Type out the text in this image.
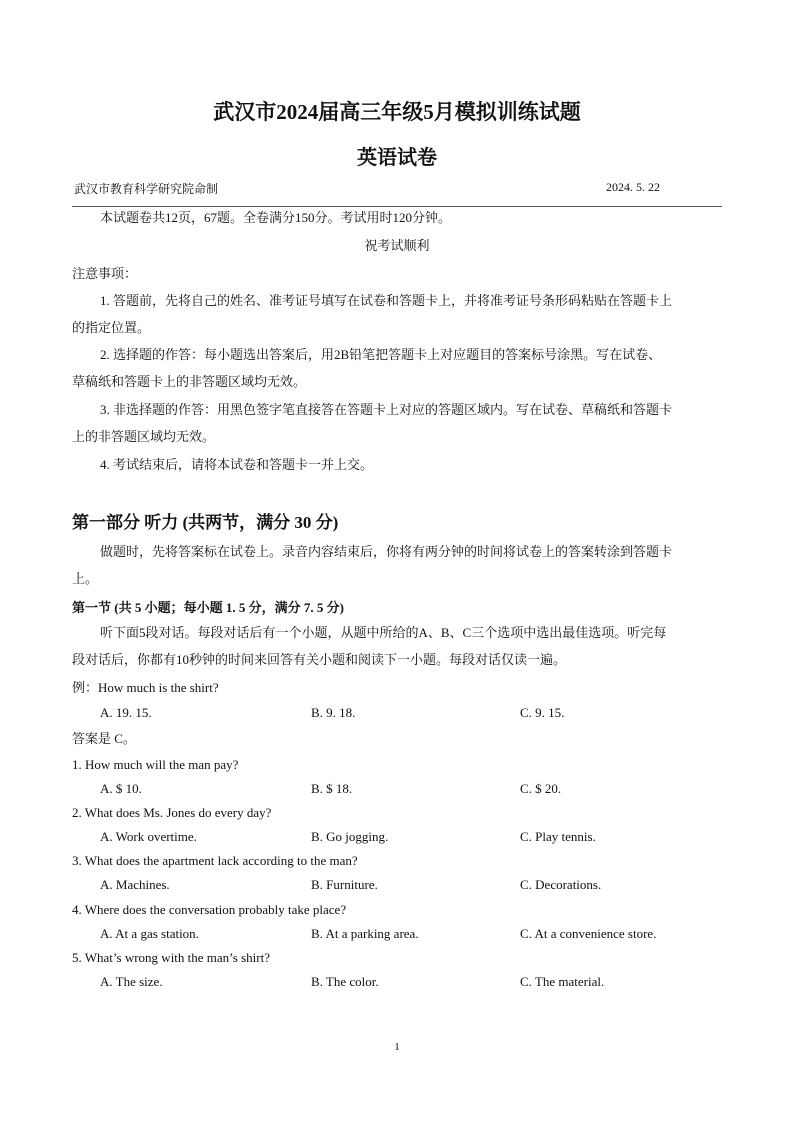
武汉市2024届高三年级5月模拟训练试题
英语试卷
武汉市教育科学研究院命制	2024. 5. 22
本试题卷共12页，67题。全卷满分150分。考试用时120分钟。
祝考试顺利
注意事项：
1. 答题前，先将自己的姓名、准考证号填写在试卷和答题卡上，并将准考证号条形码粘贴在答题卡上
的指定位置。
2. 选择题的作答：每小题选出答案后，用2B铅笔把答题卡上对应题目的答案标号涂黑。写在试卷、
草稿纸和答题卡上的非答题区域均无效。
3. 非选择题的作答：用黑色签字笔直接答在答题卡上对应的答题区域内。写在试卷、草稿纸和答题卡
上的非答题区域均无效。
4. 考试结束后，请将本试卷和答题卡一并上交。
第一部分 听力 (共两节，满分 30 分)
做题时，先将答案标在试卷上。录音内容结束后，你将有两分钟的时间将试卷上的答案转涂到答题卡
上。
第一节 (共 5 小题；每小题 1. 5 分，满分 7. 5 分)
听下面5段对话。每段对话后有一个小题，从题中所给的A、B、C三个选项中选出最佳选项。听完每
段对话后，你都有10秒钟的时间来回答有关小题和阅读下一小题。每段对话仅读一遍。
例：How much is the shirt?
A. 19. 15.	B. 9. 18.	C. 9. 15.
答案是 C。
1. How much will the man pay?
A. $ 10.	B. $ 18.	C. $ 20.
2. What does Ms. Jones do every day?
A. Work overtime.	B. Go jogging.	C. Play tennis.
3. What does the apartment lack according to the man?
A. Machines.	B. Furniture.	C. Decorations.
4. Where does the conversation probably take place?
A. At a gas station.	B. At a parking area.	C. At a convenience store.
5. What’s wrong with the man’s shirt?
A. The size.	B. The color.	C. The material.
1
